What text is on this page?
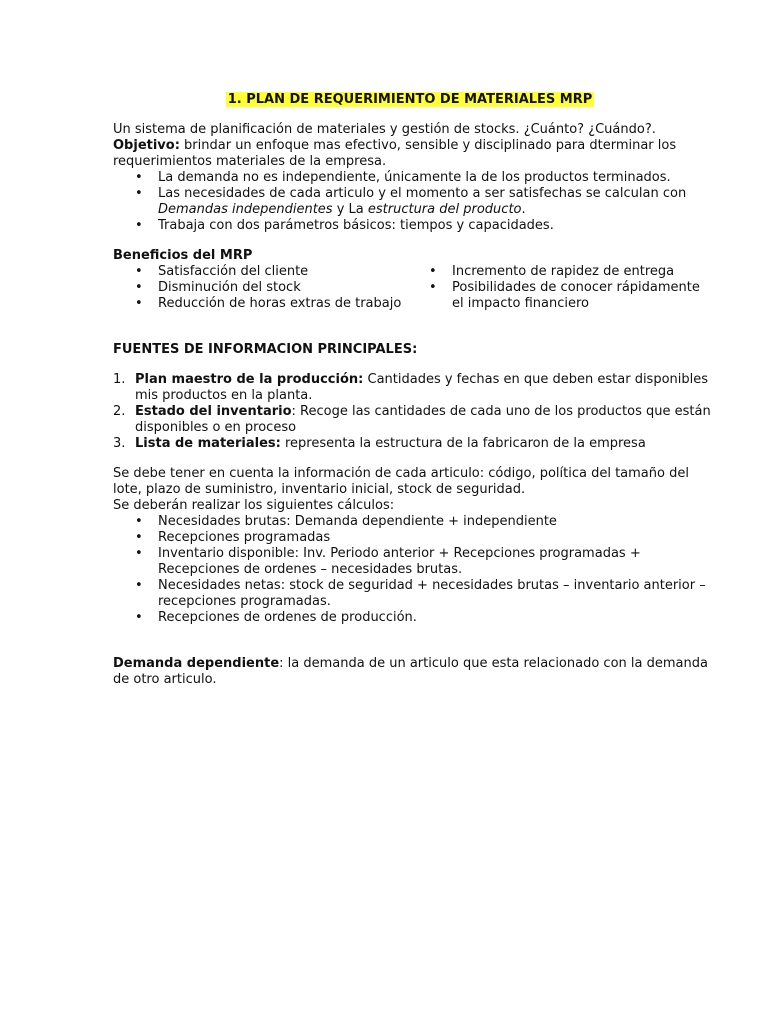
1. PLAN DE REQUERIMIENTO DE MATERIALES MRP

Un sistema de planificación de materiales y gestión de stocks. ¿Cuánto? ¿Cuándo?. Objetivo: brindar un enfoque mas efectivo, sensible y disciplinado para dterminar los requerimientos materiales de la empresa.

• La demanda no es independiente, únicamente la de los productos terminados.
• Las necesidades de cada articulo y el momento a ser satisfechas se calculan con
Demandas independientes y La estructura del producto.
• Trabaja con dos parámetros básicos: tiempos y capacidades.

Beneficios del MRP

• Satisfacción del cliente
• Disminución del stock
• Reducción de horas extras de trabajo
• Incremento de rapidez de entrega
• Posibilidades de conocer rápidamente el impacto financiero

FUENTES DE INFORMACION PRINCIPALES:

1. Plan maestro de la producción: Cantidades y fechas en que deben estar disponibles mis productos en la planta.
2. Estado del inventario: Recoge las cantidades de cada uno de los productos que están disponibles o en proceso
3. Lista de materiales: representa la estructura de la fabricaron de la empresa

Se debe tener en cuenta la información de cada articulo: código, política del tamaño del lote, plazo de suministro, inventario inicial, stock de seguridad.

Se deberán realizar los siguientes cálculos:

• Necesidades brutas: Demanda dependiente + independiente
• Recepciones programadas
• Inventario disponible: Inv. Periodo anterior + Recepciones programadas + Recepciones de ordenes – necesidades brutas.
• Necesidades netas: stock de seguridad + necesidades brutas – inventario anterior – recepciones programadas.
• Recepciones de ordenes de producción.

Demanda dependiente: la demanda de un articulo que esta relacionado con la demanda de otro articulo.
